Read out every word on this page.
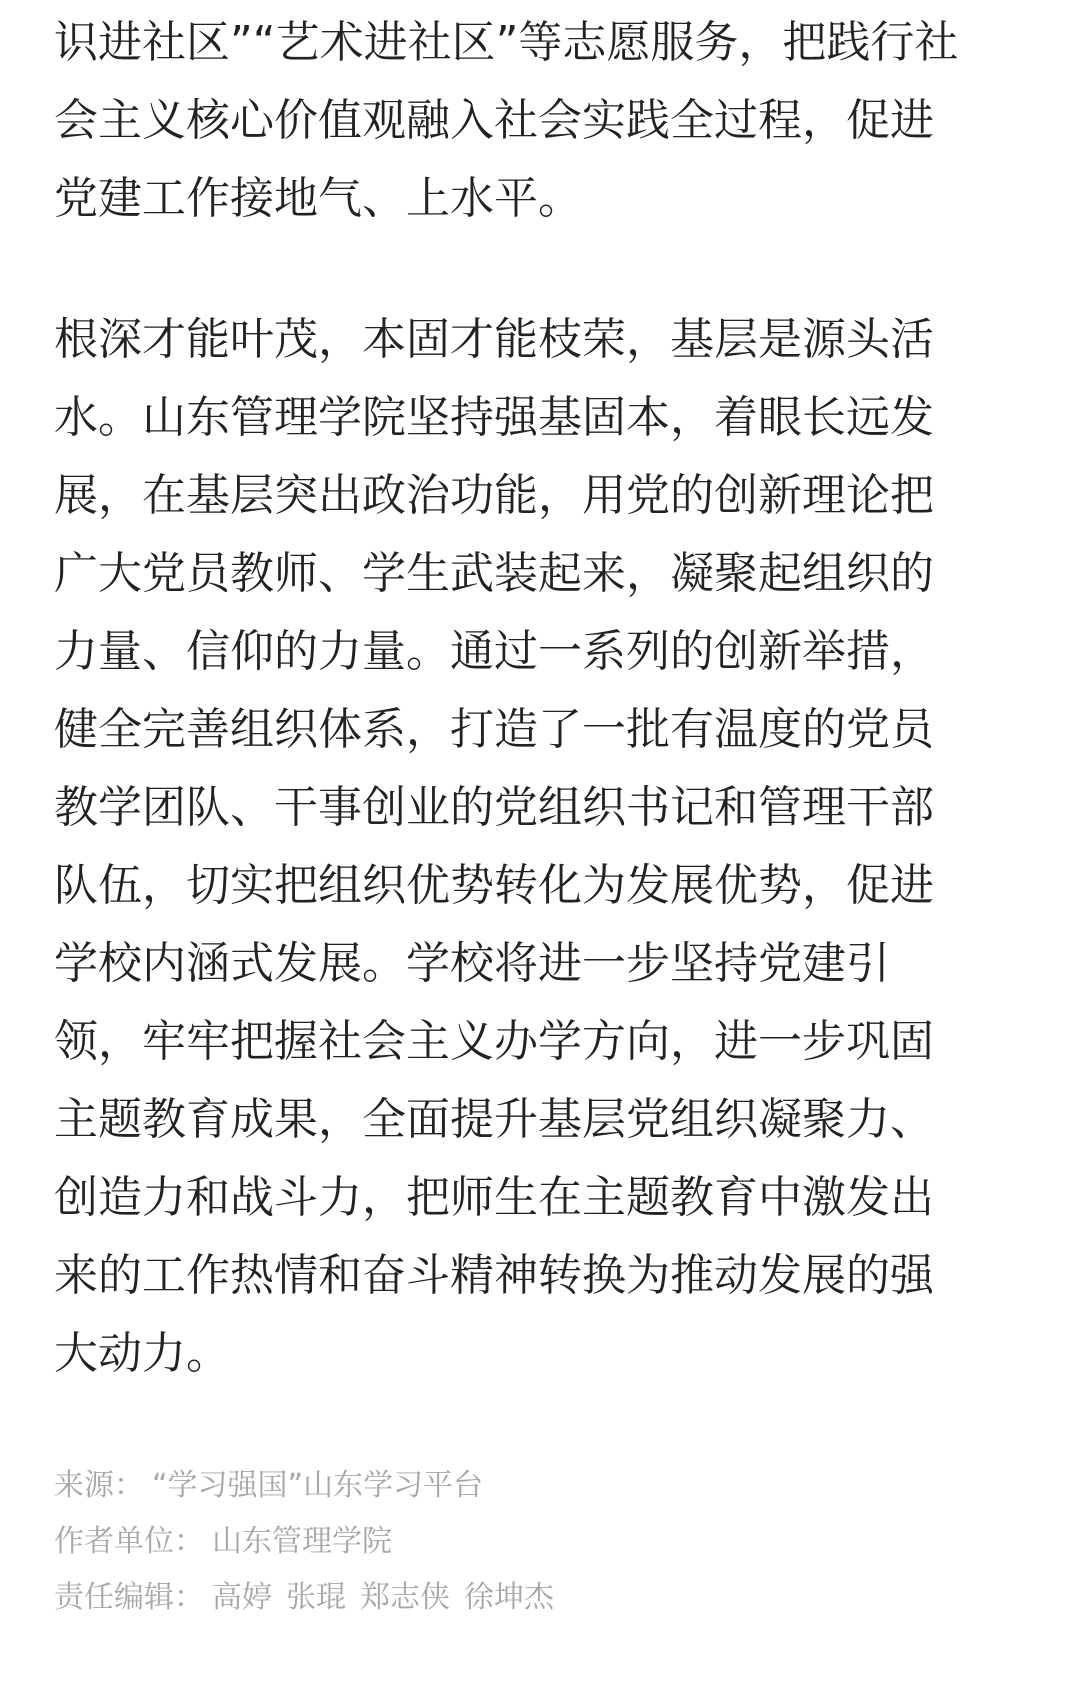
识进社区”“艺术进社区”等志愿服务，把践行社
会主义核心价值观融入社会实践全过程，促进
党建工作接地气、上水平。
根深才能叶茂，本固才能枝荣，基层是源头活
水。山东管理学院坚持强基固本，着眼长远发
展，在基层突出政治功能，用党的创新理论把
广大党员教师、学生武装起来，凝聚起组织的
力量、信仰的力量。通过一系列的创新举措，
健全完善组织体系，打造了一批有温度的党员
教学团队、干事创业的党组织书记和管理干部
队伍，切实把组织优势转化为发展优势，促进
学校内涵式发展。学校将进一步坚持党建引
领，牢牢把握社会主义办学方向，进一步巩固
主题教育成果，全面提升基层党组织凝聚力、
创造力和战斗力，把师生在主题教育中激发出
来的工作热情和奋斗精神转换为推动发展的强
大动力。
来源： “学习强国”山东学习平台
作者单位： 山东管理学院
责任编辑： 高婷 张琨 郑志侠 徐坤杰
